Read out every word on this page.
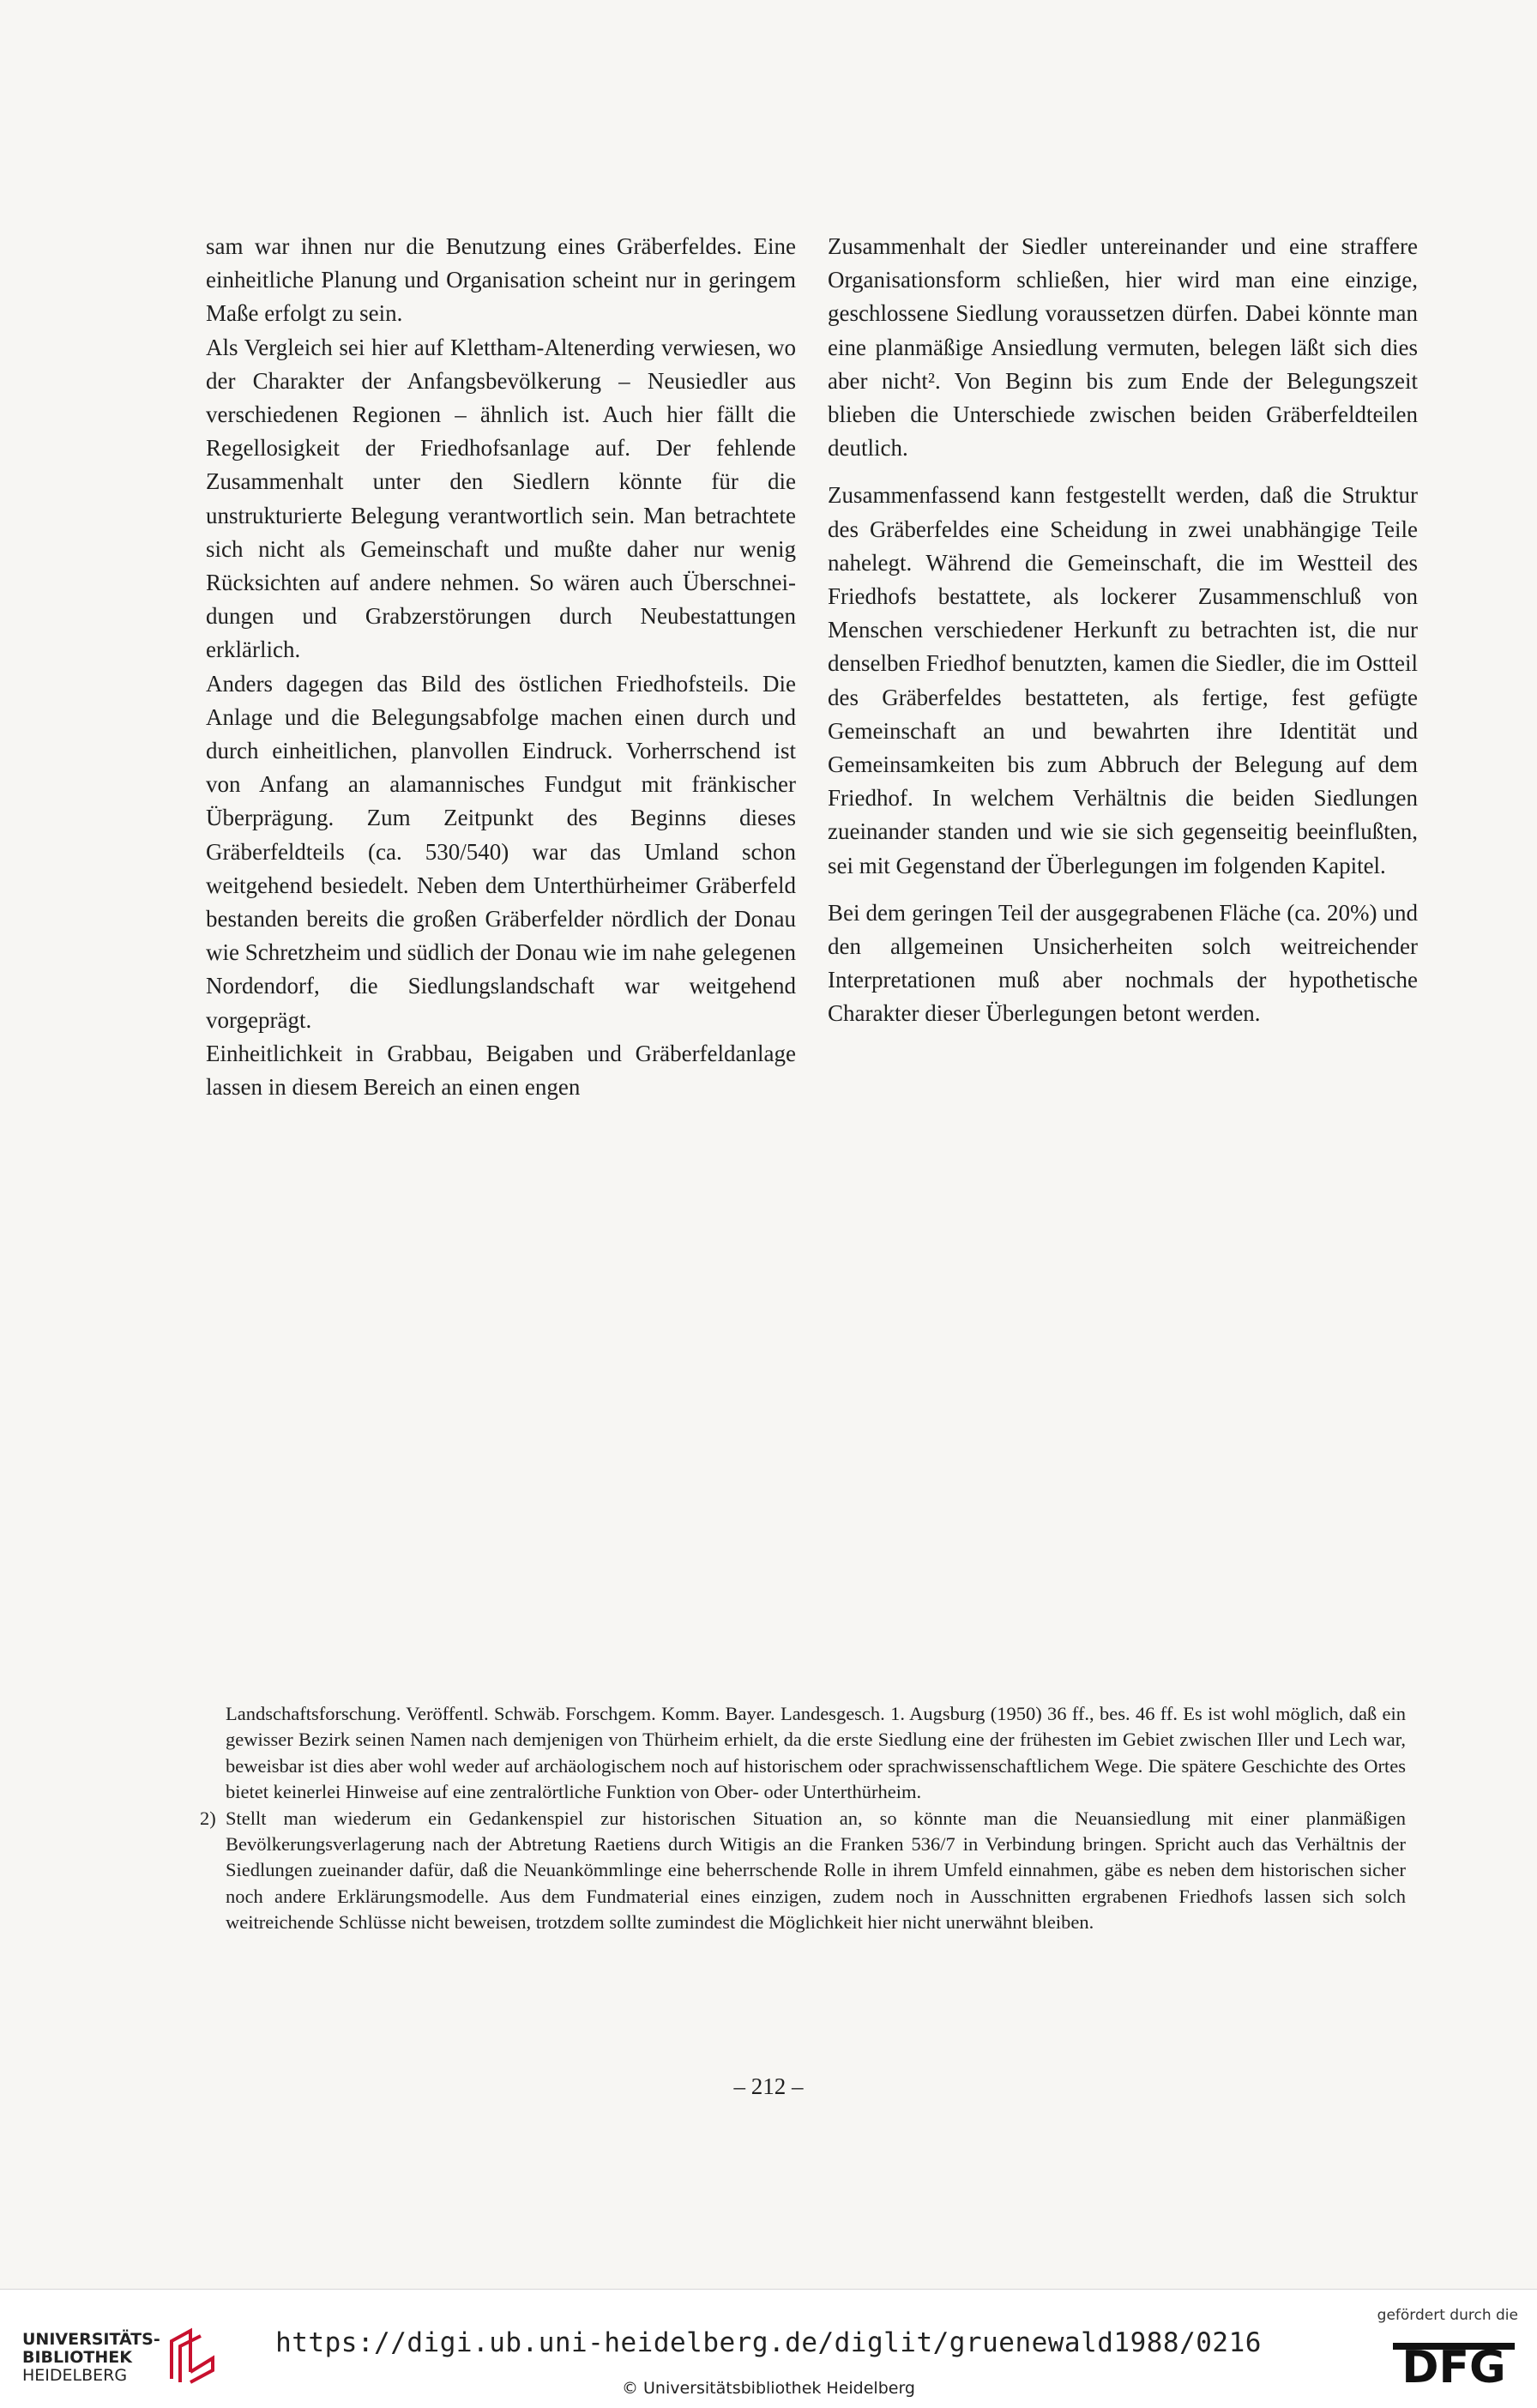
sam war ihnen nur die Benutzung eines Gräberfeldes. Eine einheitliche Planung und Organisation scheint nur in geringem Maße erfolgt zu sein.

Als Vergleich sei hier auf Klettham-Altenerding verwiesen, wo der Charakter der Anfangsbevölkerung – Neusiedler aus verschiedenen Regionen – ähnlich ist. Auch hier fällt die Regellosigkeit der Friedhofsanlage auf. Der fehlende Zusammenhalt unter den Siedlern könnte für die unstrukturierte Belegung verantwortlich sein. Man betrachtete sich nicht als Gemeinschaft und mußte daher nur wenig Rücksichten auf andere nehmen. So wären auch Überschneidungen und Grabzerstörungen durch Neubestattungen erklärlich.

Anders dagegen das Bild des östlichen Friedhofsteils. Die Anlage und die Belegungsabfolge machen einen durch und durch einheitlichen, planvollen Eindruck. Vorherrschend ist von Anfang an alamannisches Fundgut mit fränkischer Überprägung. Zum Zeitpunkt des Beginns dieses Gräberfeldteils (ca. 530/540) war das Umland schon weitgehend besiedelt. Neben dem Unterthürheimer Gräberfeld bestanden bereits die großen Gräberfelder nördlich der Donau wie Schretzheim und südlich der Donau wie im nahe gelegenen Nordendorf, die Siedlungslandschaft war weitgehend vorgeprägt.

Einheitlichkeit in Grabbau, Beigaben und Gräberfeldanlage lassen in diesem Bereich an einen engen

Zusammenhalt der Siedler untereinander und eine straffere Organisationsform schließen, hier wird man eine einzige, geschlossene Siedlung voraussetzen dürfen. Dabei könnte man eine planmäßige Ansiedlung vermuten, belegen läßt sich dies aber nicht². Von Beginn bis zum Ende der Belegungszeit blieben die Unterschiede zwischen beiden Gräberfeldteilen deutlich.

Zusammenfassend kann festgestellt werden, daß die Struktur des Gräberfeldes eine Scheidung in zwei unabhängige Teile nahelegt. Während die Gemeinschaft, die im Westteil des Friedhofs bestattete, als lockerer Zusammenschluß von Menschen verschiedener Herkunft zu betrachten ist, die nur denselben Friedhof benutzten, kamen die Siedler, die im Ostteil des Gräberfeldes bestatteten, als fertige, fest gefügte Gemeinschaft an und bewahrten ihre Identität und Gemeinsamkeiten bis zum Abbruch der Belegung auf dem Friedhof. In welchem Verhältnis die beiden Siedlungen zueinander standen und wie sie sich gegenseitig beeinflußten, sei mit Gegenstand der Überlegungen im folgenden Kapitel.

Bei dem geringen Teil der ausgegrabenen Fläche (ca. 20%) und den allgemeinen Unsicherheiten solch weitreichender Interpretationen muß aber nochmals der hypothetische Charakter dieser Überlegungen betont werden.

Landschaftsforschung. Veröffentl. Schwäb. Forschgem. Komm. Bayer. Landesgesch. 1. Augsburg (1950) 36 ff., bes. 46 ff. Es ist wohl möglich, daß ein gewisser Bezirk seinen Namen nach demjenigen von Thürheim erhielt, da die erste Siedlung eine der frühesten im Gebiet zwischen Iller und Lech war, beweisbar ist dies aber wohl weder auf archäologischem noch auf historischem oder sprachwissenschaftlichem Wege. Die spätere Geschichte des Ortes bietet keinerlei Hinweise auf eine zentralörtliche Funktion von Ober- oder Unterthürheim.

2) Stellt man wiederum ein Gedankenspiel zur historischen Situation an, so könnte man die Neuansiedlung mit einer planmäßigen Bevölkerungsverlagerung nach der Abtretung Raetiens durch Witigis an die Franken 536/7 in Verbindung bringen. Spricht auch das Verhältnis der Siedlungen zueinander dafür, daß die Neuankömmlinge eine beherrschende Rolle in ihrem Umfeld einnahmen, gäbe es neben dem historischen sicher noch andere Erklärungsmodelle. Aus dem Fundmaterial eines einzigen, zudem noch in Ausschnitten ergrabenen Friedhofs lassen sich solch weitreichende Schlüsse nicht beweisen, trotzdem sollte zumindest die Möglichkeit hier nicht unerwähnt bleiben.

– 212 –
UNIVERSITÄTS-
BIBLIOTHEK
HEIDELBERG
https://digi.ub.uni-heidelberg.de/diglit/gruenewald1988/0216
© Universitätsbibliothek Heidelberg
gefördert durch die
DFG
